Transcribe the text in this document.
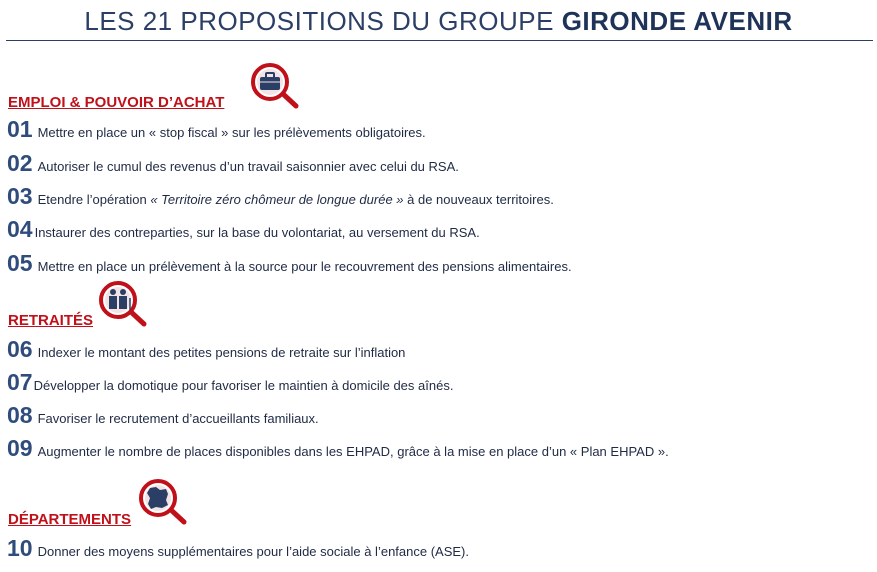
LES 21 PROPOSITIONS DU GROUPE GIRONDE AVENIR
EMPLOI & POUVOIR D’ACHAT
01 Mettre en place un « stop fiscal » sur les prélèvements obligatoires.
02 Autoriser le cumul des revenus d’un travail saisonnier avec celui du RSA.
03 Etendre l’opération « Territoire zéro chômeur de longue durée » à de nouveaux territoires.
04 Instaurer des contreparties, sur la base du volontariat, au versement du RSA.
05 Mettre en place un prélèvement à la source pour le recouvrement des pensions alimentaires.
RETRAITÉS
06 Indexer le montant des petites pensions de retraite sur l’inflation
07 Développer la domotique pour favoriser le maintien à domicile des aînés.
08 Favoriser le recrutement d’accueillants familiaux.
09 Augmenter le nombre de places disponibles dans les EHPAD, grâce à la mise en place d’un « Plan EHPAD ».
DÉPARTEMENTS
10 Donner des moyens supplémentaires pour l’aide sociale à l’enfance (ASE).
